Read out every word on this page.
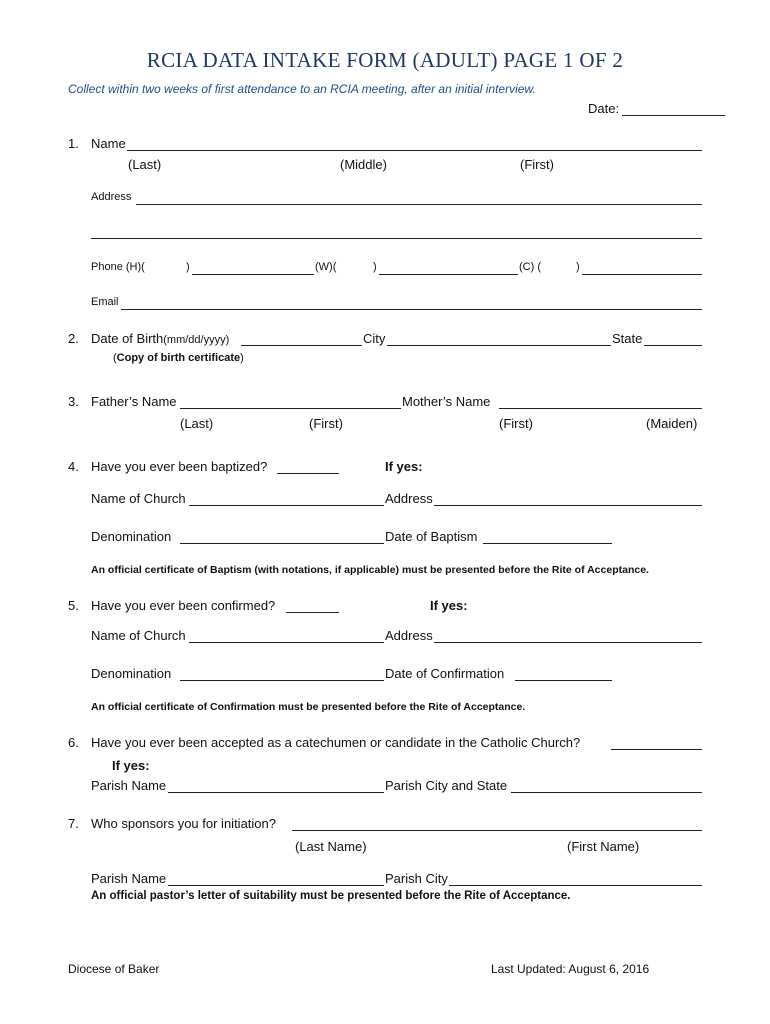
RCIA DATA INTAKE FORM (ADULT) PAGE 1 OF 2
Collect within two weeks of first attendance to an RCIA meeting, after an initial interview.
Date:
1. Name
(Last)	(Middle)	(First)
Address
Phone (H)(	)	(W)(	)	(C) (	)
Email
2. Date of Birth(mm/dd/yyyy)	City	State
(Copy of birth certificate)
3. Father’s Name	Mother’s Name
(Last)	(First)	(First)	(Maiden)
4. Have you ever been baptized?	If yes:
Name of Church	Address
Denomination	Date of Baptism
An official certificate of Baptism (with notations, if applicable) must be presented before the Rite of Acceptance.
5. Have you ever been confirmed?	If yes:
Name of Church	Address
Denomination	Date of Confirmation
An official certificate of Confirmation must be presented before the Rite of Acceptance.
6. Have you ever been accepted as a catechumen or candidate in the Catholic Church?
If yes:
Parish Name	Parish City and State
7. Who sponsors you for initiation?
(Last Name)	(First Name)
Parish Name	Parish City
An official pastor’s letter of suitability must be presented before the Rite of Acceptance.
Diocese of Baker	Last Updated: August 6, 2016
